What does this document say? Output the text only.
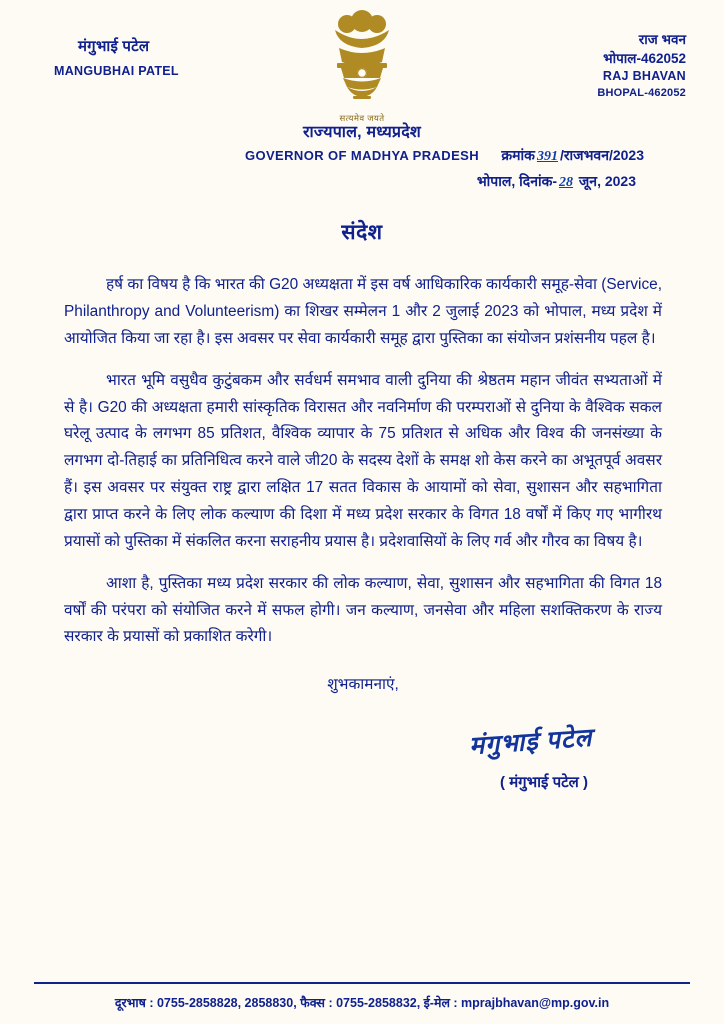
मंगुभाई पटेल
MANGUBHAI PATEL
सत्यमेव जयते
राज भवन
भोपाल-462052
RAJ BHAVAN
BHOPAL-462052
राज्यपाल, मध्यप्रदेश
GOVERNOR OF MADHYA PRADESH	क्रमांक 391 /राजभवन/2023
भोपाल, दिनांक- 28 जून, 2023
संदेश

हर्ष का विषय है कि भारत की G20 अध्यक्षता में इस वर्ष आधिकारिक कार्यकारी समूह-सेवा (Service, Philanthropy and Volunteerism) का शिखर सम्मेलन 1 और 2 जुलाई 2023 को भोपाल, मध्य प्रदेश में आयोजित किया जा रहा है। इस अवसर पर सेवा कार्यकारी समूह द्वारा पुस्तिका का संयोजन प्रशंसनीय पहल है।

भारत भूमि वसुधैव कुटुंबकम और सर्वधर्म समभाव वाली दुनिया की श्रेष्ठतम महान जीवंत सभ्यताओं में से है। G20 की अध्यक्षता हमारी सांस्कृतिक विरासत और नवनिर्माण की परम्पराओं से दुनिया के वैश्विक सकल घरेलू उत्पाद के लगभग 85 प्रतिशत, वैश्विक व्यापार के 75 प्रतिशत से अधिक और विश्व की जनसंख्या के लगभग दो-तिहाई का प्रतिनिधित्व करने वाले जी20 के सदस्य देशों के समक्ष शो केस करने का अभूतपूर्व अवसर हैं। इस अवसर पर संयुक्त राष्ट्र द्वारा लक्षित 17 सतत विकास के आयामों को सेवा, सुशासन और सहभागिता द्वारा प्राप्त करने के लिए लोक कल्याण की दिशा में मध्य प्रदेश सरकार के विगत 18 वर्षों में किए गए भागीरथ प्रयासों को पुस्तिका में संकलित करना सराहनीय प्रयास है। प्रदेशवासियों के लिए गर्व और गौरव का विषय है।

आशा है, पुस्तिका मध्य प्रदेश सरकार की लोक कल्याण, सेवा, सुशासन और सहभागिता की विगत 18 वर्षों की परंपरा को संयोजित करने में सफल होगी। जन कल्याण, जनसेवा और महिला सशक्तिकरण के राज्य सरकार के प्रयासों को प्रकाशित करेगी।

शुभकामनाएं,
मंगुभाई पटेल
( मंगुभाई पटेल )
दूरभाष : 0755-2858828, 2858830, फैक्स : 0755-2858832, ई-मेल : mprajbhavan@mp.gov.in
